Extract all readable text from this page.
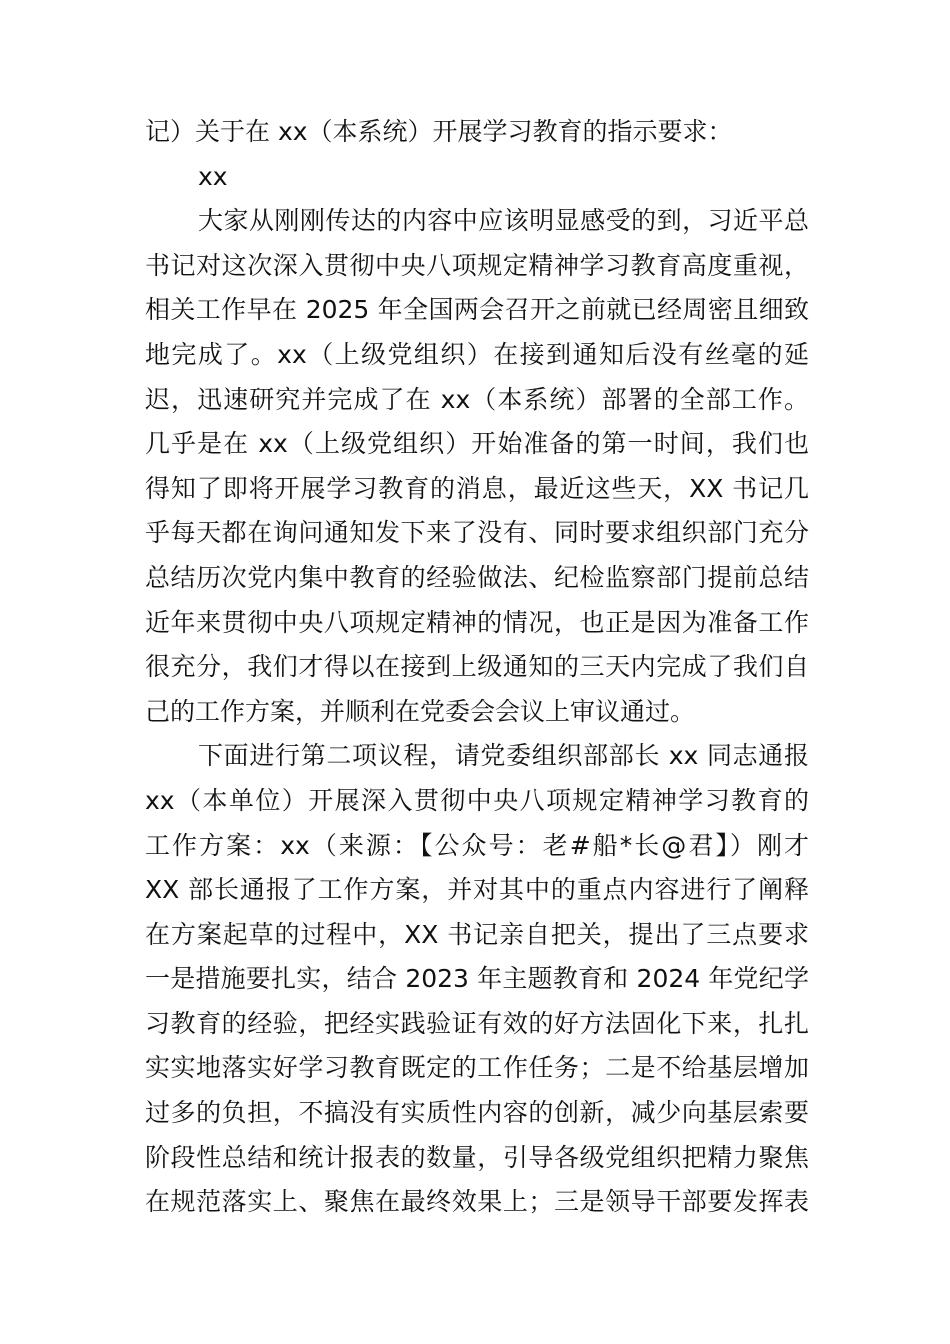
记）关于在 xx（本系统）开展学习教育的指示要求：
xx
大家从刚刚传达的内容中应该明显感受的到，习近平总
书记对这次深入贯彻中央八项规定精神学习教育高度重视，
相关工作早在 2025 年全国两会召开之前就已经周密且细致
地完成了。xx（上级党组织）在接到通知后没有丝毫的延
迟，迅速研究并完成了在 xx（本系统）部署的全部工作。
几乎是在 xx（上级党组织）开始准备的第一时间，我们也
得知了即将开展学习教育的消息，最近这些天，XX 书记几
乎每天都在询问通知发下来了没有、同时要求组织部门充分
总结历次党内集中教育的经验做法、纪检监察部门提前总结
近年来贯彻中央八项规定精神的情况，也正是因为准备工作
很充分，我们才得以在接到上级通知的三天内完成了我们自
己的工作方案，并顺利在党委会会议上审议通过。
下面进行第二项议程，请党委组织部部长 xx 同志通报
xx（本单位）开展深入贯彻中央八项规定精神学习教育的
工作方案：xx（来源：【公众号：老#船*长@君】）刚才
XX 部长通报了工作方案，并对其中的重点内容进行了阐释
在方案起草的过程中，XX 书记亲自把关，提出了三点要求
一是措施要扎实，结合 2023 年主题教育和 2024 年党纪学
习教育的经验，把经实践验证有效的好方法固化下来，扎扎
实实地落实好学习教育既定的工作任务；二是不给基层增加
过多的负担，不搞没有实质性内容的创新，减少向基层索要
阶段性总结和统计报表的数量，引导各级党组织把精力聚焦
在规范落实上、聚焦在最终效果上；三是领导干部要发挥表
